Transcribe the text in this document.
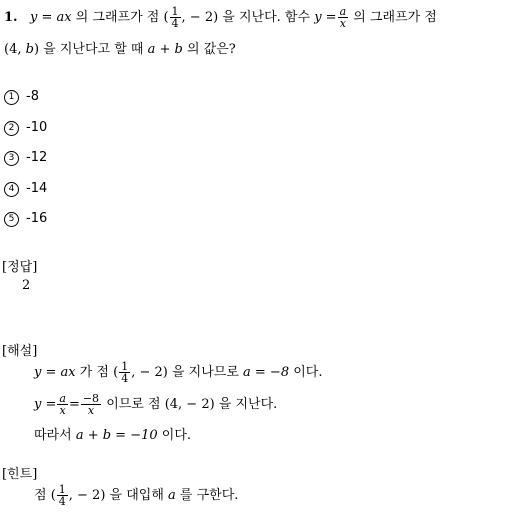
1. y = ax 의 그래프가 점 ( $\frac{1}{4}$ , − 2) 을 지난다. 함수 $y = \frac{a}{x}$ 의 그래프가 점
(4, b) 을 지난다고 할 때 a + b 의 값은?
1 -8
2 -10
3 -12
4 -14
5 -16
[정답]
2
[해설]
y = ax 가 점 ( $\frac{1}{4}$ , − 2) 을 지나므로 a = −8 이다.
$y = \frac{a}{x} = \frac{-8}{x}$ 이므로 점 (4, − 2) 을 지난다.
따라서 a + b = −10 이다.
[힌트]
점 ( $\frac{1}{4}$ , − 2) 을 대입해 a 를 구한다.
